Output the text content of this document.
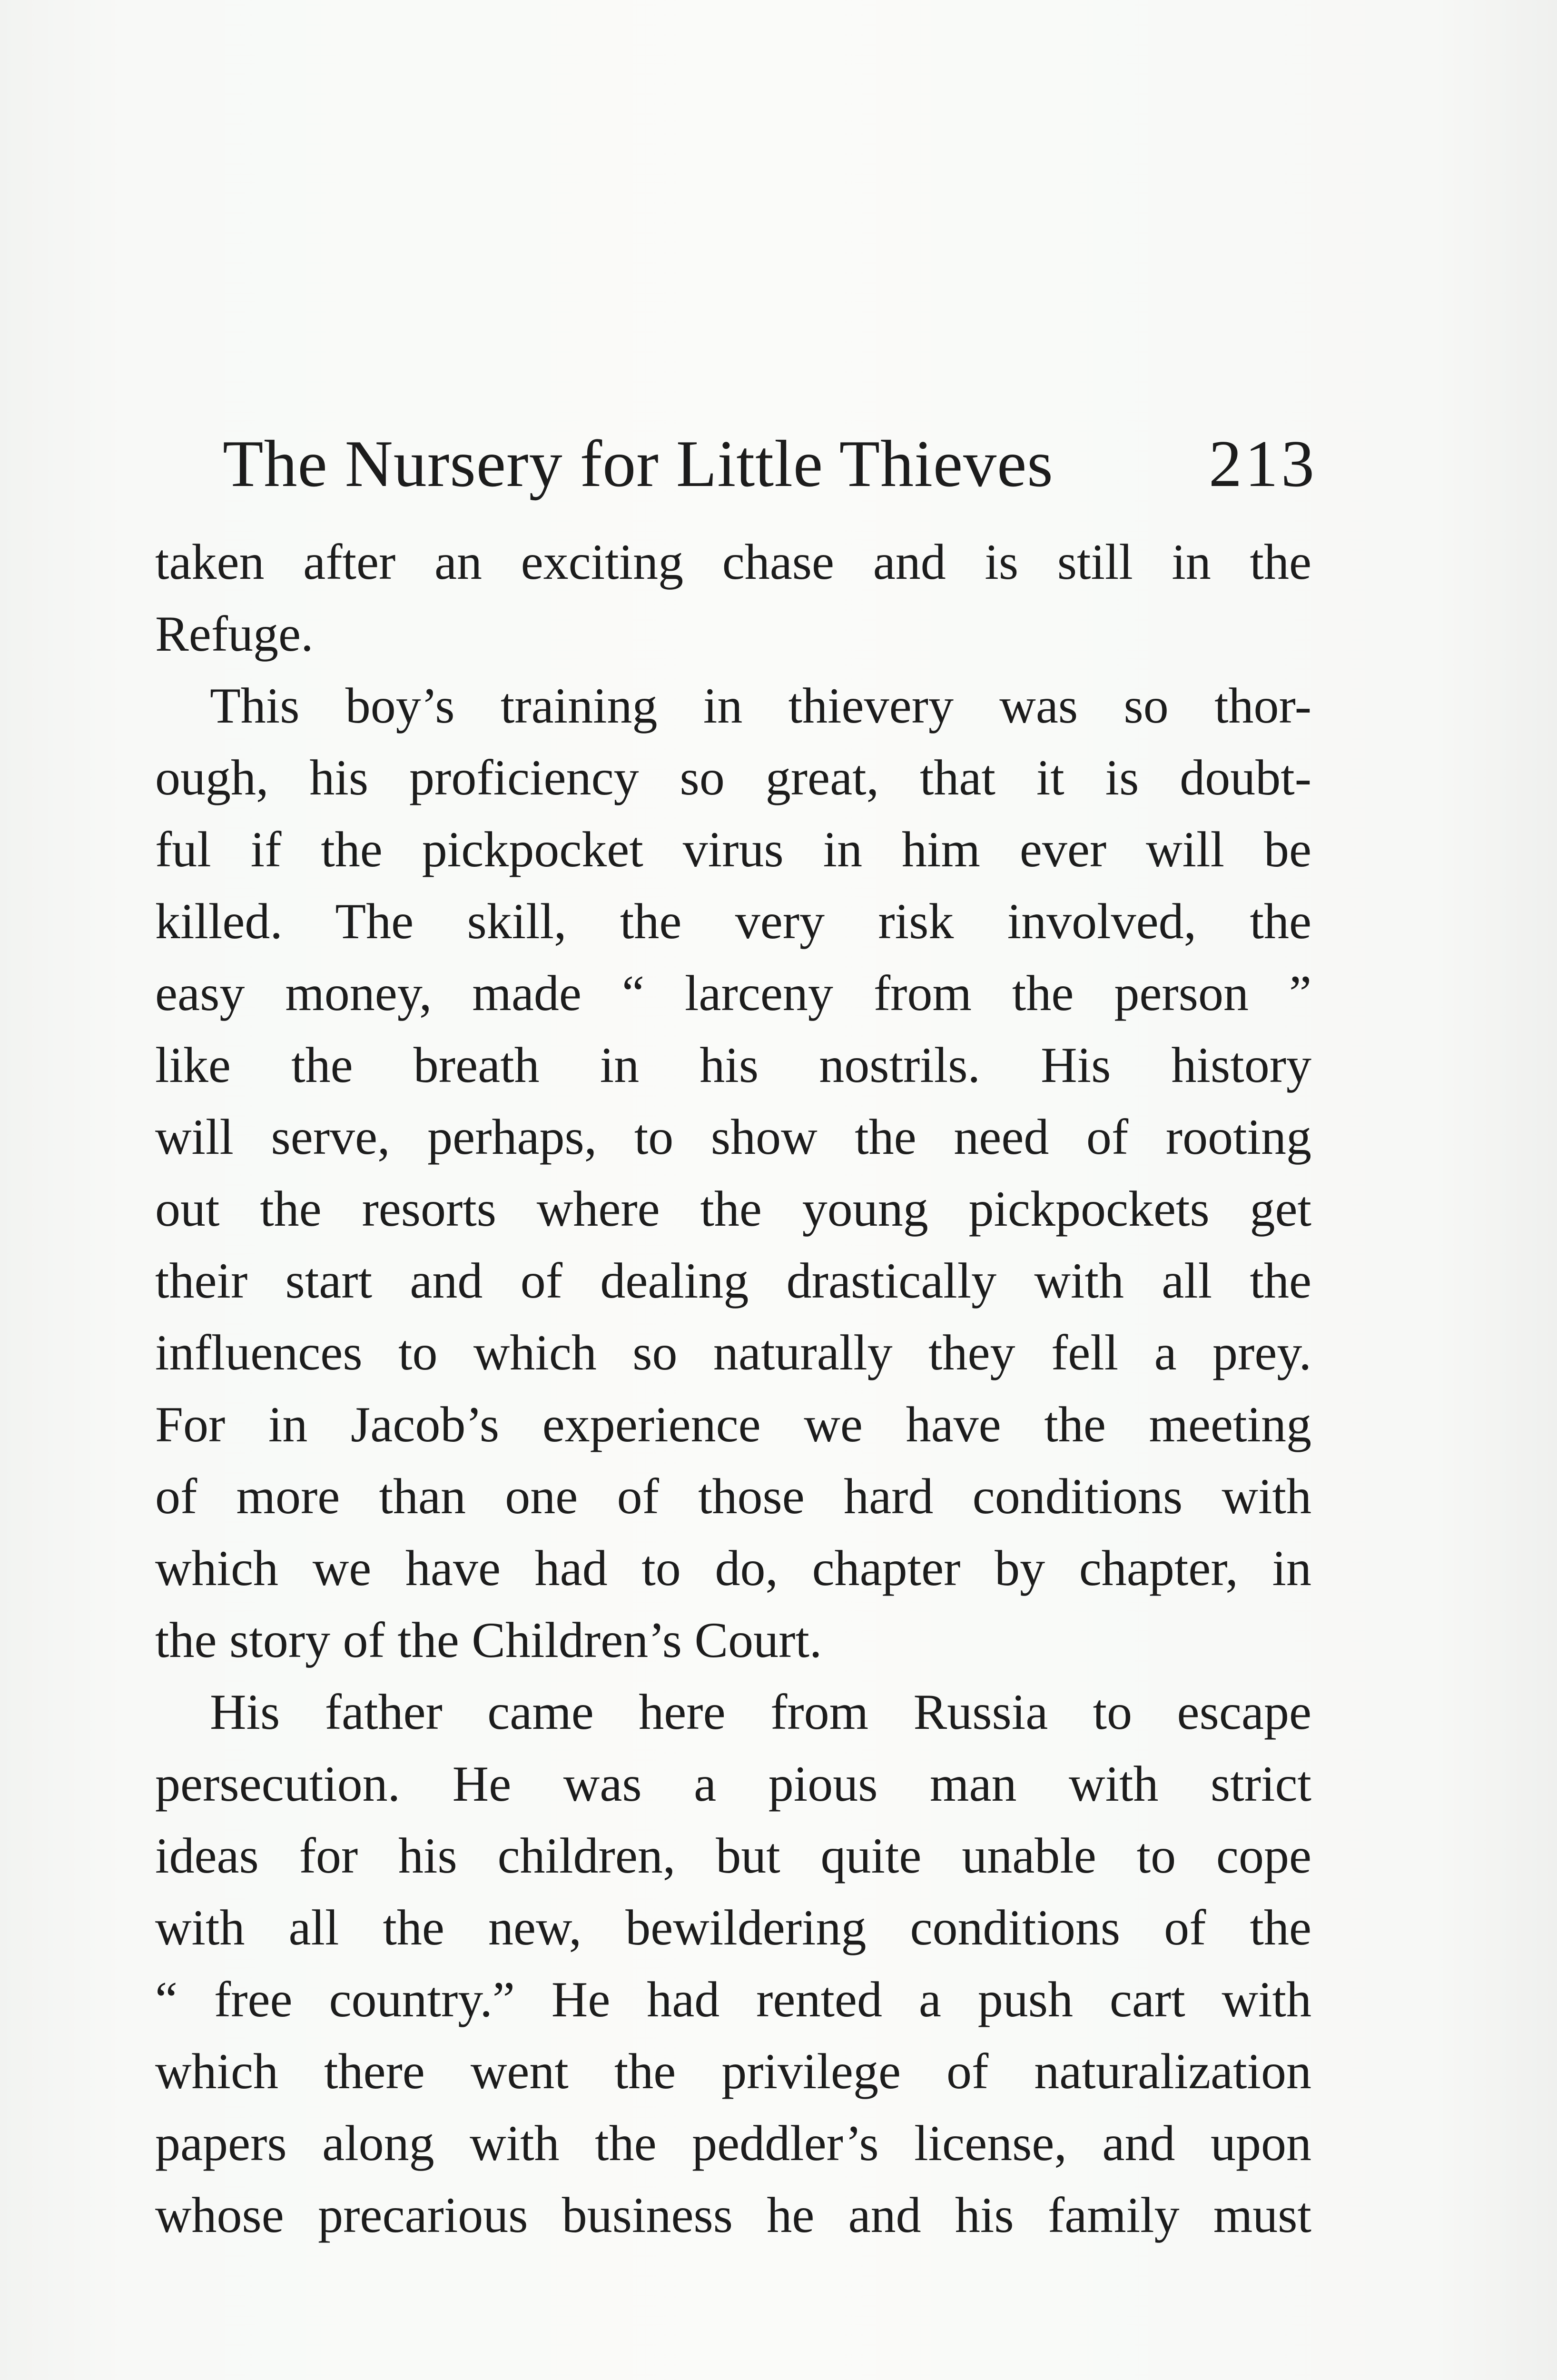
The Nursery for Little Thieves 213
taken after an exciting chase and is still in the
Refuge.
This boy’s training in thievery was so thor-
ough, his proficiency so great, that it is doubt-
ful if the pickpocket virus in him ever will be
killed. The skill, the very risk involved, the
easy money, made “ larceny from the person ”
like the breath in his nostrils. His history
will serve, perhaps, to show the need of rooting
out the resorts where the young pickpockets get
their start and of dealing drastically with all the
influences to which so naturally they fell a prey.
For in Jacob’s experience we have the meeting
of more than one of those hard conditions with
which we have had to do, chapter by chapter, in
the story of the Children’s Court.
His father came here from Russia to escape
persecution. He was a pious man with strict
ideas for his children, but quite unable to cope
with all the new, bewildering conditions of the
“ free country.” He had rented a push cart with
which there went the privilege of naturalization
papers along with the peddler’s license, and upon
whose precarious business he and his family must
